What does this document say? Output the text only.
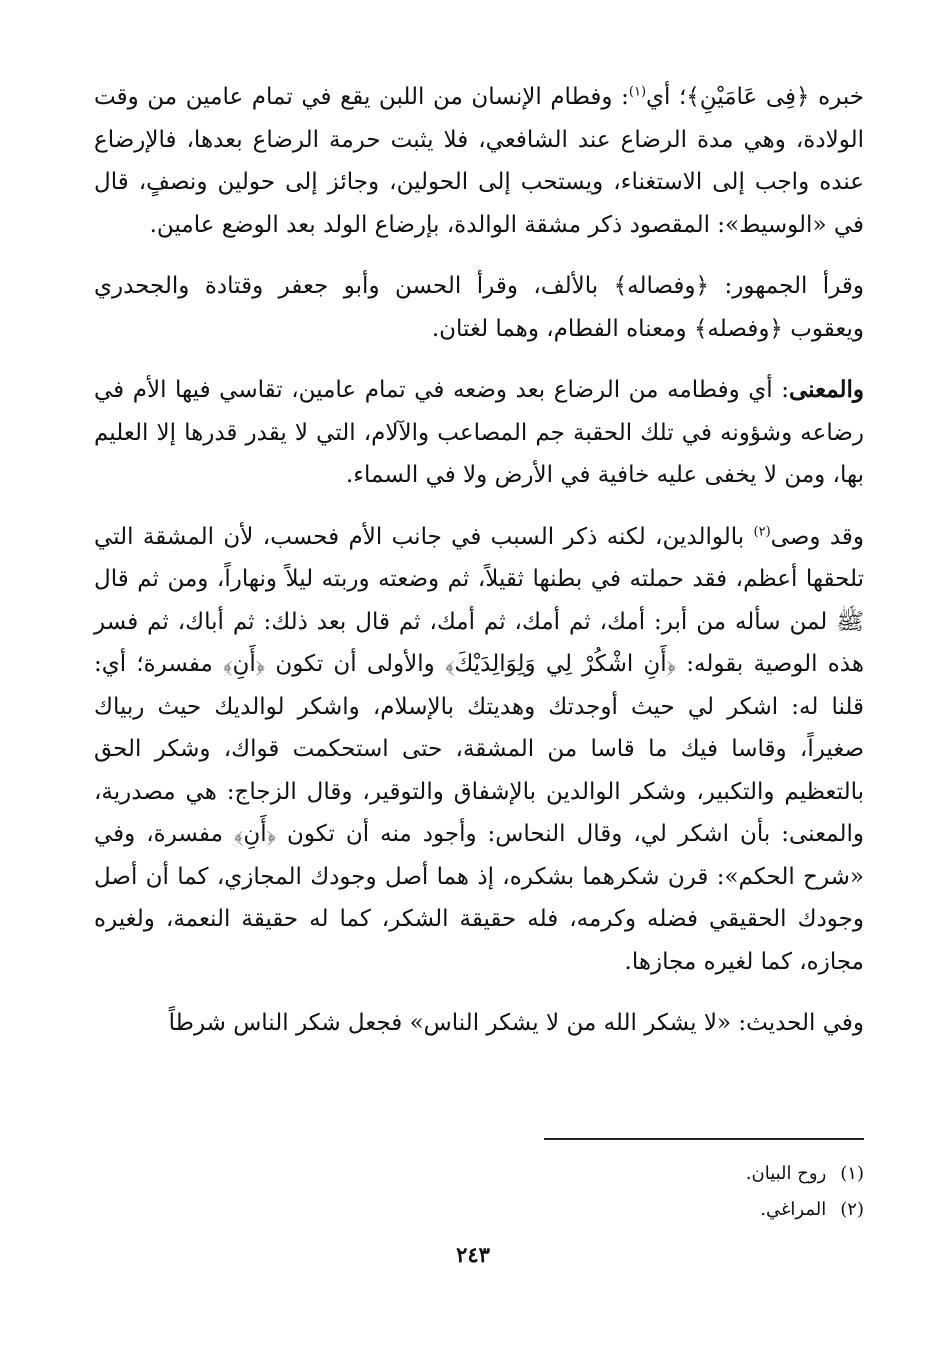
خبره ﴿فِى عَامَيْنِ﴾؛ أي$^{(١)}$: وفطام الإنسان من اللبن يقع في تمام عامين من وقت الولادة، وهي مدة الرضاع عند الشافعي، فلا يثبت حرمة الرضاع بعدها، فالإرضاع عنده واجب إلى الاستغناء، ويستحب إلى الحولين، وجائز إلى حولين ونصفٍ، قال في «الوسيط»: المقصود ذكر مشقة الوالدة، بإرضاع الولد بعد الوضع عامين.

وقرأ الجمهور: ﴿وفصاله﴾ بالألف، وقرأ الحسن وأبو جعفر وقتادة والجحدري ويعقوب ﴿وفصله﴾ ومعناه الفطام، وهما لغتان.

والمعنى: أي وفطامه من الرضاع بعد وضعه في تمام عامين، تقاسي فيها الأم في رضاعه وشؤونه في تلك الحقبة جم المصاعب والآلام، التي لا يقدر قدرها إلا العليم بها، ومن لا يخفى عليه خافية في الأرض ولا في السماء.

وقد وصى$^{(٢)}$ بالوالدين، لكنه ذكر السبب في جانب الأم فحسب، لأن المشقة التي تلحقها أعظم، فقد حملته في بطنها ثقيلاً، ثم وضعته وربته ليلاً ونهاراً، ومن ثم قال ﷺ لمن سأله من أبر: أمك، ثم أمك، ثم أمك، ثم قال بعد ذلك: ثم أباك، ثم فسر هذه الوصية بقوله: ﴿أَنِ اشْكُرْ لِي وَلِوَالِدَيْكَ﴾ والأولى أن تكون ﴿أَنِ﴾ مفسرة؛ أي: قلنا له: اشكر لي حيث أوجدتك وهديتك بالإسلام، واشكر لوالديك حيث ربياك صغيراً، وقاسا فيك ما قاسا من المشقة، حتى استحكمت قواك، وشكر الحق بالتعظيم والتكبير، وشكر الوالدين بالإشفاق والتوقير، وقال الزجاج: هي مصدرية، والمعنى: بأن اشكر لي، وقال النحاس: وأجود منه أن تكون ﴿أَنِ﴾ مفسرة، وفي «شرح الحكم»: قرن شكرهما بشكره، إذ هما أصل وجودك المجازي، كما أن أصل وجودك الحقيقي فضله وكرمه، فله حقيقة الشكر، كما له حقيقة النعمة، ولغيره مجازه، كما لغيره مجازها.

وفي الحديث: «لا يشكر الله من لا يشكر الناس» فجعل شكر الناس شرطاً

(١)روح البيان.

(٢)المراغي.

٢٤٣
